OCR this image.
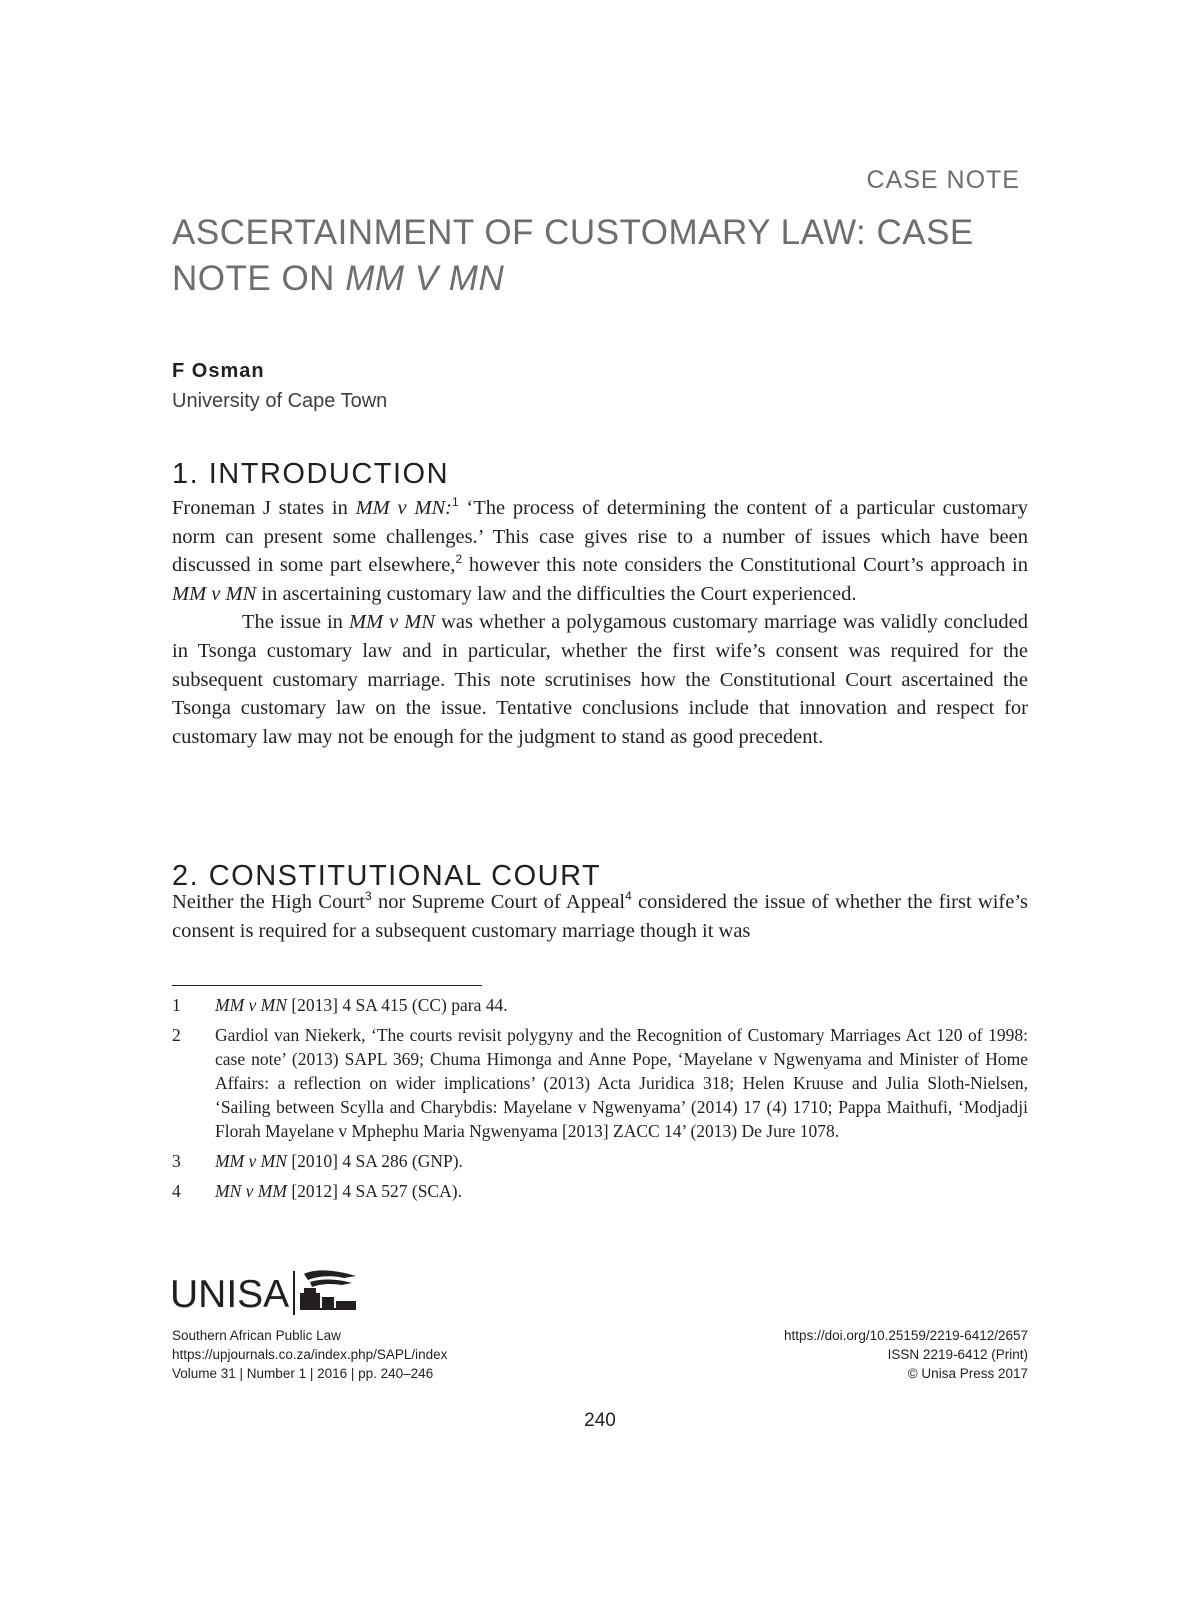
CASE NOTE
ASCERTAINMENT OF CUSTOMARY LAW: CASE NOTE ON MM V MN
F Osman
University of Cape Town
1. INTRODUCTION

Froneman J states in MM v MN:$^1$ ‘The process of determining the content of a particular customary norm can present some challenges.’ This case gives rise to a number of issues which have been discussed in some part elsewhere,$^2$ however this note considers the Constitutional Court’s approach in MM v MN in ascertaining customary law and the difficulties the Court experienced.

The issue in MM v MN was whether a polygamous customary marriage was validly concluded in Tsonga customary law and in particular, whether the first wife’s consent was required for the subsequent customary marriage. This note scrutinises how the Constitutional Court ascertained the Tsonga customary law on the issue. Tentative conclusions include that innovation and respect for customary law may not be enough for the judgment to stand as good precedent.

2. CONSTITUTIONAL COURT

Neither the High Court$^3$ nor Supreme Court of Appeal$^4$ considered the issue of whether the first wife’s consent is required for a subsequent customary marriage though it was

1	MM v MN [2013] 4 SA 415 (CC) para 44.
2	Gardiol van Niekerk, ‘The courts revisit polygyny and the Recognition of Customary Marriages Act 120 of 1998: case note’ (2013) SAPL 369; Chuma Himonga and Anne Pope, ‘Mayelane v Ngwenyama and Minister of Home Affairs: a reflection on wider implications’ (2013) Acta Juridica 318; Helen Kruuse and Julia Sloth-Nielsen, ‘Sailing between Scylla and Charybdis: Mayelane v Ngwenyama’ (2014) 17 (4) 1710; Pappa Maithufi, ‘Modjadji Florah Mayelane v Mphephu Maria Ngwenyama [2013] ZACC 14’ (2013) De Jure 1078.
3	MM v MN [2010] 4 SA 286 (GNP).
4	MN v MM [2012] 4 SA 527 (SCA).
UNISA
Southern African Public Law
https://upjournals.co.za/index.php/SAPL/index
Volume 31 | Number 1 | 2016 | pp. 240–246
https://doi.org/10.25159/2219-6412/2657
ISSN 2219-6412 (Print)
© Unisa Press 2017
240
